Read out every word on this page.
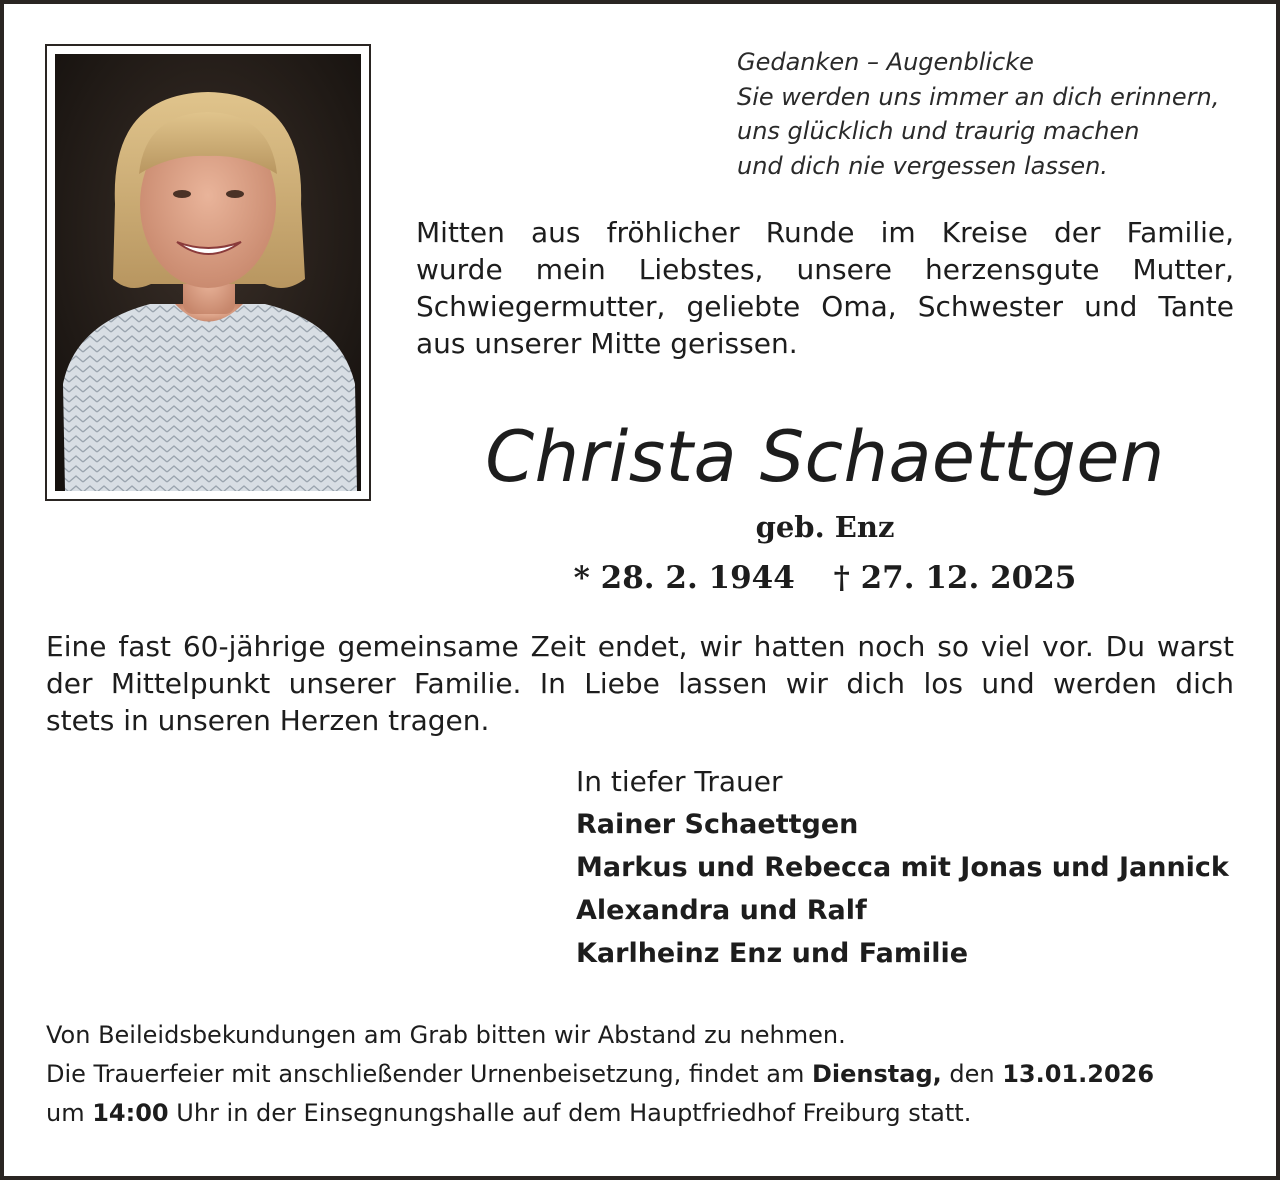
Gedanken – Augenblicke
Sie werden uns immer an dich erinnern,
uns glücklich und traurig machen
und dich nie vergessen lassen.
Mitten aus fröhlicher Runde im Kreise der Familie,
wurde mein Liebstes, unsere herzensgute Mutter,
Schwiegermutter, geliebte Oma, Schwester und Tante
aus unserer Mitte gerissen.
Christa Schaettgen
geb. Enz
* 28. 2. 1944 † 27. 12. 2025
Eine fast 60-jährige gemeinsame Zeit endet, wir hatten noch so viel vor. Du warst
der Mittelpunkt unserer Familie. In Liebe lassen wir dich los und werden dich
stets in unseren Herzen tragen.
In tiefer Trauer
Rainer Schaettgen
Markus und Rebecca mit Jonas und Jannick
Alexandra und Ralf
Karlheinz Enz und Familie
Von Beileidsbekundungen am Grab bitten wir Abstand zu nehmen.
Die Trauerfeier mit anschließender Urnenbeisetzung, findet am Dienstag, den 13.01.2026
um 14:00 Uhr in der Einsegnungshalle auf dem Hauptfriedhof Freiburg statt.
